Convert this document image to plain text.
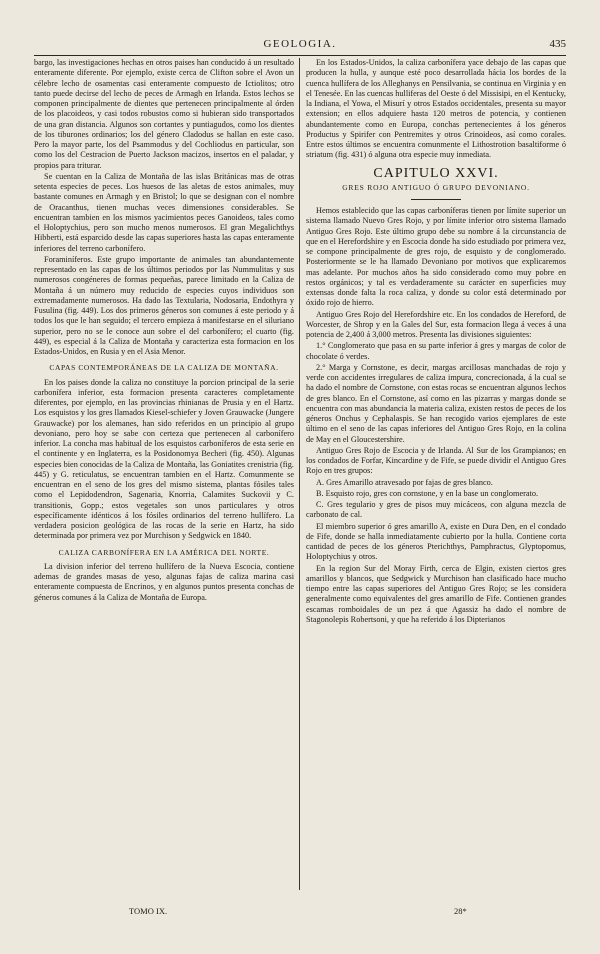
GEOLOGIA.	435

bargo, las investigaciones hechas en otros paises han conducido á un resultado enteramente diferente. Por ejemplo, existe cerca de Clifton sobre el Avon un célebre lecho de osamentas casi enteramente compuesto de Ictiolitos; otro tanto puede decirse del lecho de peces de Armagh en Irlanda. Estos lechos se componen principalmente de dientes que pertenecen principalmente al órden de los placoideos, y casi todos robustos como si hubieran sido transportados de una gran distancia. Algunos son cortantes y puntiagudos, como los dientes de los tiburones ordinarios; los del género Cladodus se hallan en este caso. Pero la mayor parte, los del Psammodus y del Cochliodus en particular, son como los del Cestracion de Puerto Jackson macizos, insertos en el paladar, y propios para triturar.

Se cuentan en la Caliza de Montaña de las islas Británicas mas de otras setenta especies de peces. Los huesos de las aletas de estos animales, muy bastante comunes en Armagh y en Bristol; lo que se designan con el nombre de Oracanthus, tienen muchas veces dimensiones considerables. Se encuentran tambien en los mismos yacimientos peces Ganoideos, tales como el Holoptychius, pero son mucho menos numerosos. El gran Megalichthys Hibberti, está esparcido desde las capas superiores hasta las capas enteramente inferiores del terreno carbonífero.

Foraminíferos. Este grupo importante de animales tan abundantemente representado en las capas de los últimos periodos por las Nummulitas y sus numerosos congéneres de formas pequeñas, parece limitado en la Caliza de Montaña á un número muy reducido de especies cuyos individuos son extremadamente numerosos. Ha dado las Textularia, Nodosaria, Endothyra y Fusulina (fig. 449). Los dos primeros géneros son comunes á este periodo y á todos los que le han seguido; el tercero empieza á manifestarse en el siluriano superior, pero no se le conoce aun sobre el del carbonífero; el cuarto (fig. 449), es especial á la Caliza de Montaña y caracteriza esta formacion en los Estados-Unidos, en Rusia y en el Asia Menor.

CAPAS CONTEMPORÁNEAS DE LA CALIZA DE MONTAÑA.

En los paises donde la caliza no constituye la porcion principal de la serie carbonífera inferior, esta formacion presenta caracteres completamente diferentes, por ejemplo, en las provincias rhinianas de Prusia y en el Hartz. Los esquistos y los gres llamados Kiesel-schiefer y Joven Grauwacke (Jungere Grauwacke) por los alemanes, han sido referidos en un principio al grupo devoniano, pero hoy se sabe con certeza que pertenecen al carbonífero inferior. La concha mas habitual de los esquistos carboníferos de esta serie en el continente y en Inglaterra, es la Posidonomya Becheri (fig. 450). Algunas especies bien conocidas de la Caliza de Montaña, las Goniatites crenistria (fig. 445) y G. reticulatus, se encuentran tambien en el Hartz. Comunmente se encuentran en el seno de los gres del mismo sistema, plantas fósiles tales como el Lepidodendron, Sagenaria, Knorria, Calamites Suckovii y C. transitionis, Gopp.; estos vegetales son unos particulares y otros específicamente idénticos á los fósiles ordinarios del terreno hullífero. La verdadera posicion geológica de las rocas de la serie en Hartz, ha sido determinada por primera vez por Murchison y Sedgwick en 1840.

CALIZA CARBONÍFERA EN LA AMÉRICA DEL NORTE.

La division inferior del terreno hullífero de la Nueva Escocia, contiene ademas de grandes masas de yeso, algunas fajas de caliza marina casi enteramente compuesta de Encrinos, y en algunos puntos presenta conchas de géneros comunes á la Caliza de Montaña de Europa.

En los Estados-Unidos, la caliza carbonífera yace debajo de las capas que producen la hulla, y aunque esté poco desarrollada hácia los bordes de la cuenca hullífera de los Alleghanys en Pensilvania, se continua en Virginia y en el Tenesée. En las cuencas hulliferas del Oeste ó del Missisipi, en el Kentucky, la Indiana, el Yowa, el Misurí y otros Estados occidentales, presenta su mayor extension; en ellos adquiere hasta 120 metros de potencia, y contienen abundantemente como en Europa, conchas pertenecientes á los géneros Productus y Spirifer con Pentremites y otros Crinoideos, así como corales. Entre estos últimos se encuentra comunmente el Lithostrotion basaltiforme ó striatum (fig. 431) ó alguna otra especie muy inmediata.

CAPITULO XXVI.
GRES ROJO ANTIGUO Ó GRUPO DEVONIANO.

Hemos establecido que las capas carboníferas tienen por límite superior un sistema llamado Nuevo Gres Rojo, y por límite inferior otro sistema llamado Antiguo Gres Rojo. Este último grupo debe su nombre á la circunstancia de que en el Herefordshire y en Escocia donde ha sido estudiado por primera vez, se compone principalmente de gres rojo, de esquisto y de conglomerado. Posteriormente se le ha llamado Devoniano por motivos que explicaremos mas adelante. Por muchos años ha sido considerado como muy pobre en restos orgánicos; y tal es verdaderamente su carácter en superficies muy extensas donde falta la roca caliza, y donde su color está determinado por óxido rojo de hierro.

Antiguo Gres Rojo del Herefordshire etc. En los condados de Hereford, de Worcester, de Shrop y en la Gales del Sur, esta formacion llega á veces á una potencia de 2,400 á 3,000 metros. Presenta las divisiones siguientes:

1.° Conglomerato que pasa en su parte inferior á gres y margas de color de chocolate ó verdes.

2.° Marga y Cornstone, es decir, margas arcillosas manchadas de rojo y verde con accidentes irregulares de caliza impura, concrecionada, á la cual se ha dado el nombre de Cornstone, con estas rocas se encuentran algunos lechos de gres blanco. En el Cornstone, así como en las pizarras y margas donde se encuentra con mas abundancia la materia caliza, existen restos de peces de los géneros Onchus y Cephalaspis. Se han recogido varios ejemplares de este último en el seno de las capas inferiores del Antiguo Gres Rojo, en la colina de May en el Gloucestershire.

Antiguo Gres Rojo de Escocia y de Irlanda. Al Sur de los Grampianos; en los condados de Forfar, Kincardine y de Fife, se puede dividir el Antiguo Gres Rojo en tres grupos:

A. Gres Amarillo atravesado por fajas de gres blanco.

B. Esquisto rojo, gres con cornstone, y en la base un conglomerato.

C. Gres tegulario y gres de pisos muy micáceos, con alguna mezcla de carbonato de cal.

El miembro superior ó gres amarillo A, existe en Dura Den, en el condado de Fife, donde se halla inmediatamente cubierto por la hulla. Contiene corta cantidad de peces de los géneros Pterichthys, Pamphractus, Glyptopomus, Holoptychius y otros.

En la region Sur del Moray Firth, cerca de Elgin, existen ciertos gres amarillos y blancos, que Sedgwick y Murchison han clasificado hace mucho tiempo entre las capas superiores del Antiguo Gres Rojo; se les considera generalmente como equivalentes del gres amarillo de Fife. Contienen grandes escamas romboidales de un pez á que Agassiz ha dado el nombre de Stagonolepis Robertsoni, y que ha referido á los Dipterianos

TOMO IX.	28*
